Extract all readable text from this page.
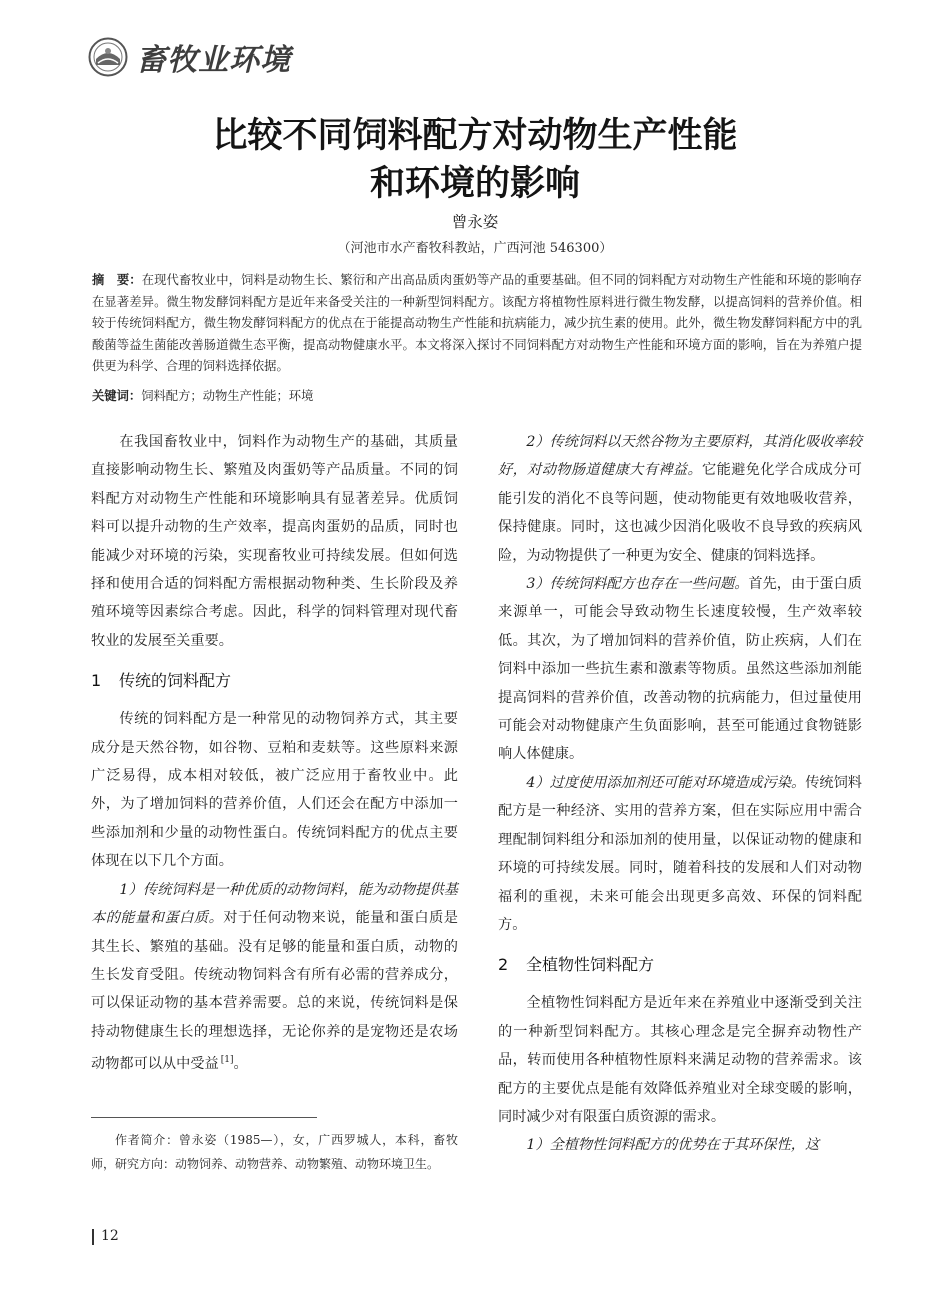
畜牧业环境
比较不同饲料配方对动物生产性能
和环境的影响
曾永姿
（河池市水产畜牧科教站，广西河池 546300）
摘　要：在现代畜牧业中，饲料是动物生长、繁衍和产出高品质肉蛋奶等产品的重要基础。但不同的饲料配方对动物生产性能和环境的影响存在显著差异。微生物发酵饲料配方是近年来备受关注的一种新型饲料配方。该配方将植物性原料进行微生物发酵，以提高饲料的营养价值。相较于传统饲料配方，微生物发酵饲料配方的优点在于能提高动物生产性能和抗病能力，减少抗生素的使用。此外，微生物发酵饲料配方中的乳酸菌等益生菌能改善肠道微生态平衡，提高动物健康水平。本文将深入探讨不同饲料配方对动物生产性能和环境方面的影响，旨在为养殖户提供更为科学、合理的饲料选择依据。
关键词：饲料配方；动物生产性能；环境

在我国畜牧业中，饲料作为动物生产的基础，其质量直接影响动物生长、繁殖及肉蛋奶等产品质量。不同的饲料配方对动物生产性能和环境影响具有显著差异。优质饲料可以提升动物的生产效率，提高肉蛋奶的品质，同时也能减少对环境的污染，实现畜牧业可持续发展。但如何选择和使用合适的饲料配方需根据动物种类、生长阶段及养殖环境等因素综合考虑。因此，科学的饲料管理对现代畜牧业的发展至关重要。

1 传统的饲料配方

传统的饲料配方是一种常见的动物饲养方式，其主要成分是天然谷物，如谷物、豆粕和麦麸等。这些原料来源广泛易得，成本相对较低，被广泛应用于畜牧业中。此外，为了增加饲料的营养价值，人们还会在配方中添加一些添加剂和少量的动物性蛋白。传统饲料配方的优点主要体现在以下几个方面。

1）传统饲料是一种优质的动物饲料，能为动物提供基本的能量和蛋白质。对于任何动物来说，能量和蛋白质是其生长、繁殖的基础。没有足够的能量和蛋白质，动物的生长发育受阻。传统动物饲料含有所有必需的营养成分，可以保证动物的基本营养需要。总的来说，传统饲料是保持动物健康生长的理想选择，无论你养的是宠物还是农场动物都可以从中受益 [1]。

2）传统饲料以天然谷物为主要原料，其消化吸收率较好，对动物肠道健康大有裨益。它能避免化学合成成分可能引发的消化不良等问题，使动物能更有效地吸收营养，保持健康。同时，这也减少因消化吸收不良导致的疾病风险，为动物提供了一种更为安全、健康的饲料选择。

3）传统饲料配方也存在一些问题。首先，由于蛋白质来源单一，可能会导致动物生长速度较慢，生产效率较低。其次，为了增加饲料的营养价值，防止疾病，人们在饲料中添加一些抗生素和激素等物质。虽然这些添加剂能提高饲料的营养价值，改善动物的抗病能力，但过量使用可能会对动物健康产生负面影响，甚至可能通过食物链影响人体健康。

4）过度使用添加剂还可能对环境造成污染。传统饲料配方是一种经济、实用的营养方案，但在实际应用中需合理配制饲料组分和添加剂的使用量，以保证动物的健康和环境的可持续发展。同时，随着科技的发展和人们对动物福利的重视，未来可能会出现更多高效、环保的饲料配方。

2 全植物性饲料配方

全植物性饲料配方是近年来在养殖业中逐渐受到关注的一种新型饲料配方。其核心理念是完全摒弃动物性产品，转而使用各种植物性原料来满足动物的营养需求。该配方的主要优点是能有效降低养殖业对全球变暖的影响，同时减少对有限蛋白质资源的需求。

1）全植物性饲料配方的优势在于其环保性，这

作者简介：曾永姿（1985—），女，广西罗城人，本科，畜牧师，研究方向：动物饲养、动物营养、动物繁殖、动物环境卫生。
12
